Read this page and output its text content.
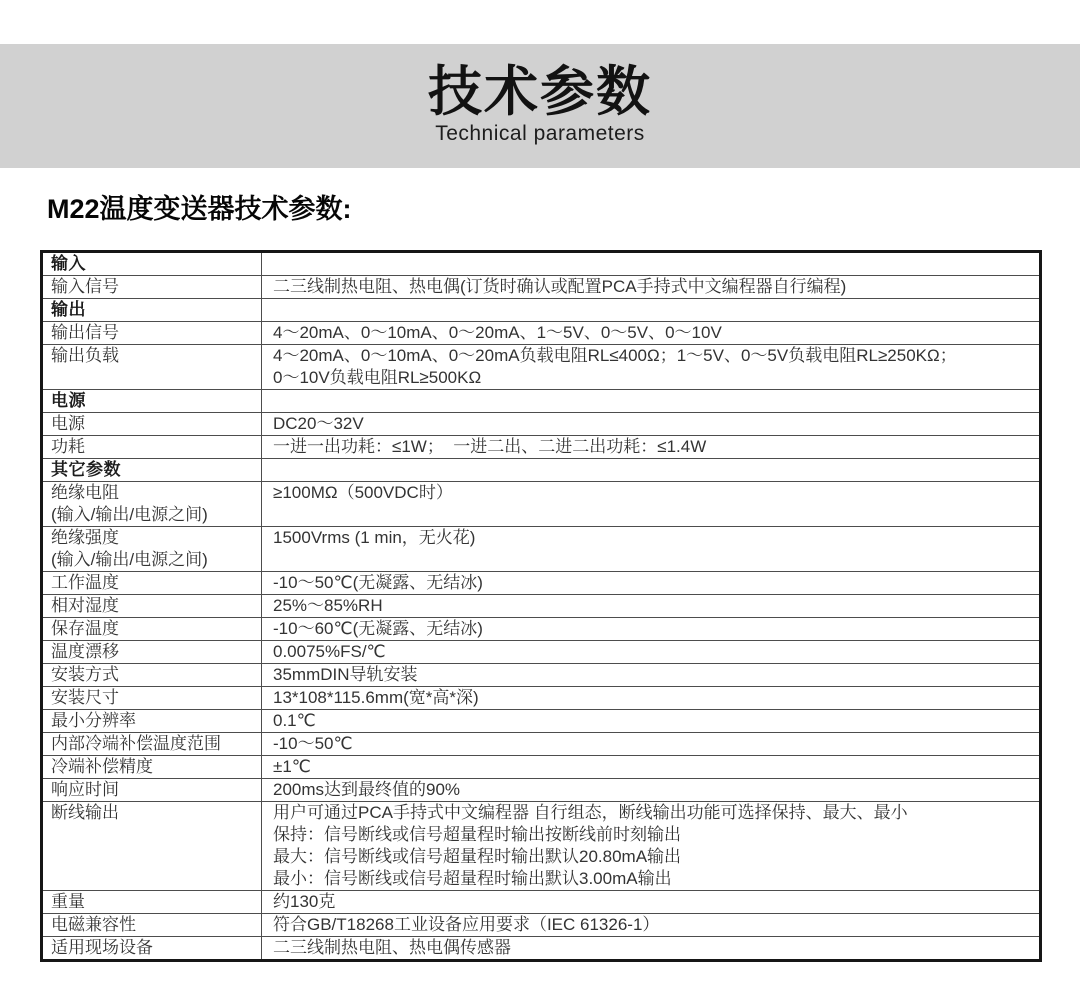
技术参数
Technical parameters
M22温度变送器技术参数:
输入	

输入信号	二三线制热电阻、热电偶(订货时确认或配置PCA手持式中文编程器自行编程)

输出	

输出信号	4～20mA、0～10mA、0～20mA、1～5V、0～5V、0～10V

输出负载	4～20mA、0～10mA、0～20mA负载电阻RL≤400Ω；1～5V、0～5V负载电阻RL≥250KΩ；
0～10V负载电阻RL≥500KΩ

电源	

电源	DC20～32V

功耗	一进一出功耗：≤1W；  一进二出、二进二出功耗：≤1.4W

其它参数	

绝缘电阻
(输入/输出/电源之间)	≥100MΩ（500VDC时）

绝缘强度
(输入/输出/电源之间)	1500Vrms (1 min，无火花)

工作温度	-10～50℃(无凝露、无结冰)

相对湿度	25%～85%RH

保存温度	-10～60℃(无凝露、无结冰)

温度漂移	0.0075%FS/℃

安装方式	35mmDIN导轨安装

安装尺寸	13*108*115.6mm(宽*高*深)

最小分辨率	0.1℃

内部冷端补偿温度范围	-10～50℃

冷端补偿精度	±1℃

响应时间	200ms达到最终值的90%

断线输出	用户可通过PCA手持式中文编程器 自行组态，断线输出功能可选择保持、最大、最小
保持：信号断线或信号超量程时输出按断线前时刻输出
最大：信号断线或信号超量程时输出默认20.80mA输出
最小：信号断线或信号超量程时输出默认3.00mA输出

重量	约130克

电磁兼容性	符合GB/T18268工业设备应用要求（IEC 61326-1）

适用现场设备	二三线制热电阻、热电偶传感器
